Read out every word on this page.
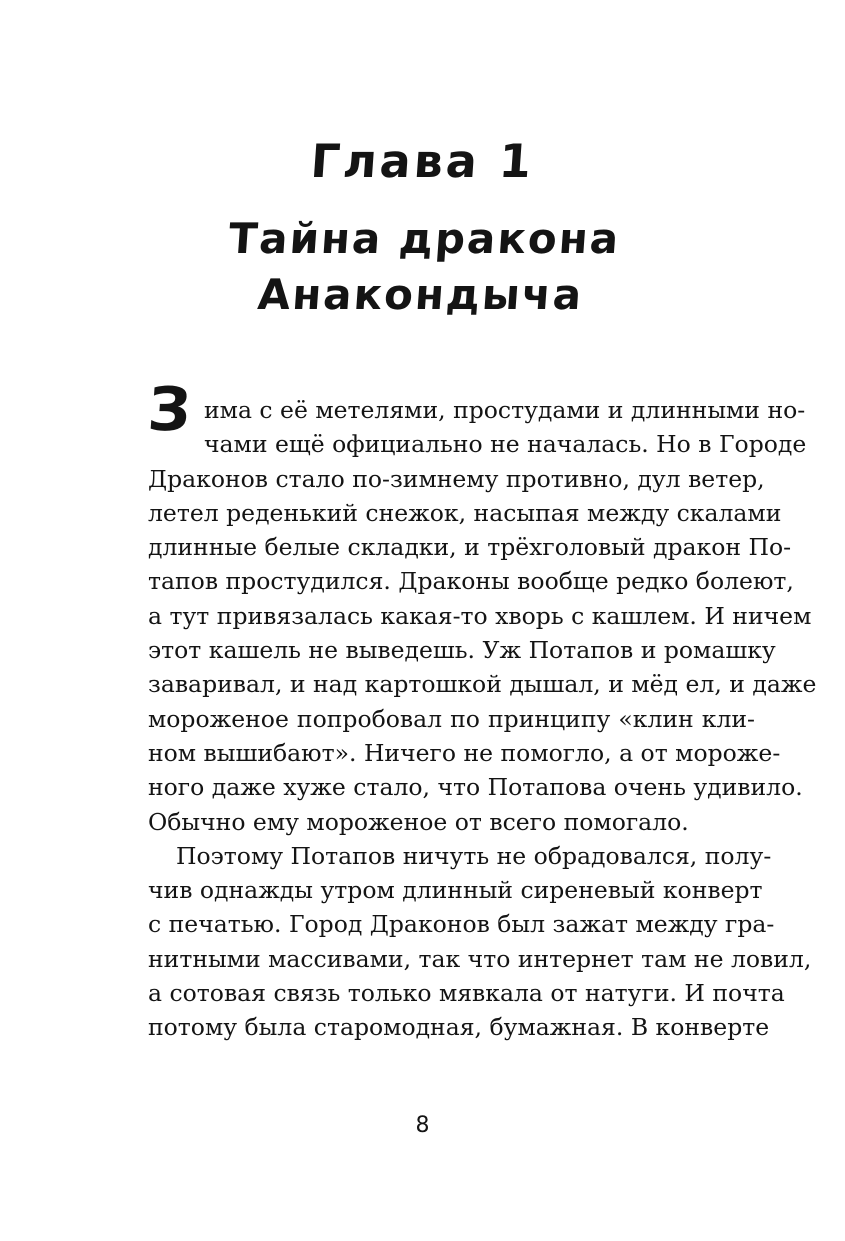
Глава 1
Тайна дракона
Анакондыча
З има с её метелями, простудами и длинными но-
чами ещё официально не началась. Но в Городе
Драконов стало по-зимнему противно, дул ветер,
летел реденький снежок, насыпая между скалами
длинные белые складки, и трёхголовый дракон По-
тапов простудился. Драконы вообще редко болеют,
а тут привязалась какая-то хворь с кашлем. И ничем
этот кашель не выведешь. Уж Потапов и ромашку
заваривал, и над картошкой дышал, и мёд ел, и даже
мороженое попробовал по принципу «клин кли-
ном вышибают». Ничего не помогло, а от мороже-
ного даже хуже стало, что Потапова очень удивило.
Обычно ему мороженое от всего помогало.
Поэтому Потапов ничуть не обрадовался, полу-
чив однажды утром длинный сиреневый конверт
с печатью. Город Драконов был зажат между гра-
нитными массивами, так что интернет там не ловил,
а сотовая связь только мявкала от натуги. И почта
потому была старомодная, бумажная. В конверте
8
